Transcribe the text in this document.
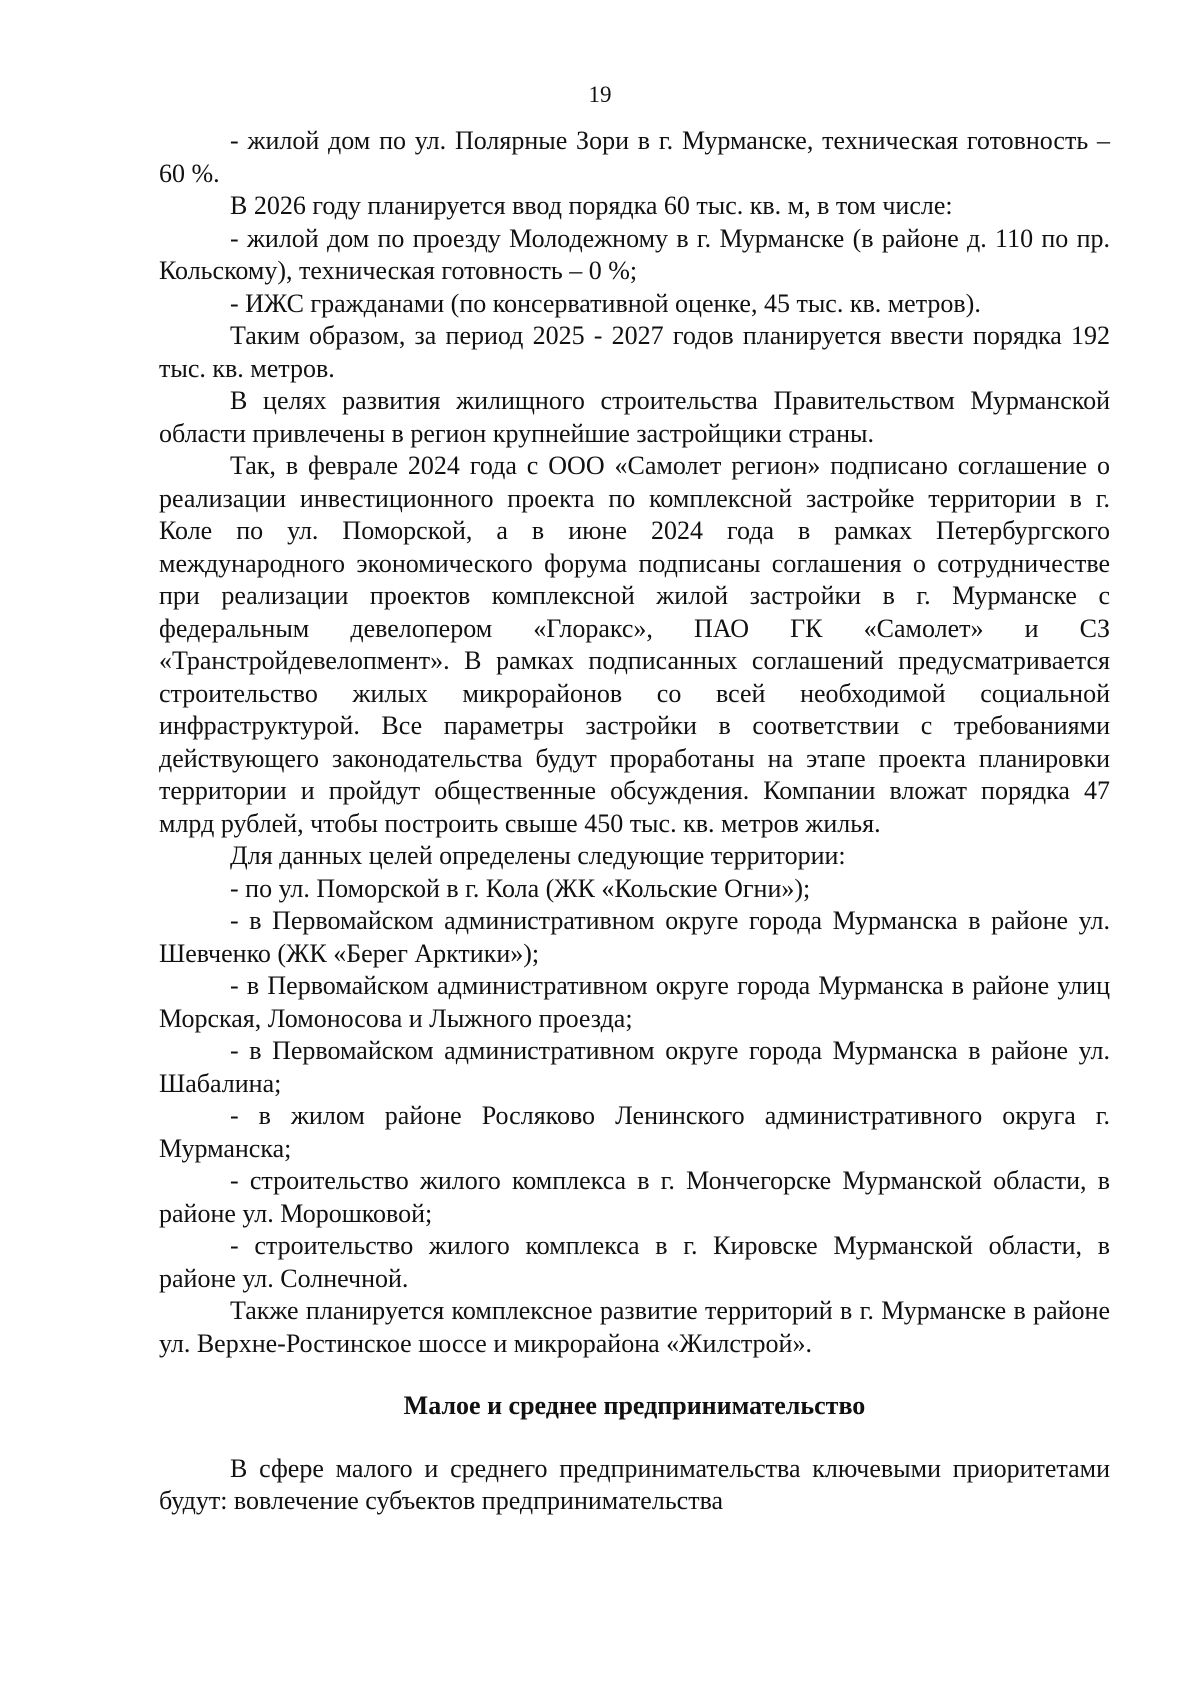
19

- жилой дом по ул. Полярные Зори в г. Мурманске, техническая готовность – 60 %.

В 2026 году планируется ввод порядка 60 тыс. кв. м, в том числе:

- жилой дом по проезду Молодежному в г. Мурманске (в районе д. 110 по пр. Кольскому), техническая готовность – 0 %;

- ИЖС гражданами (по консервативной оценке, 45 тыс. кв. метров).

Таким образом, за период 2025 - 2027 годов планируется ввести порядка 192 тыс. кв. метров.

В целях развития жилищного строительства Правительством Мурманской области привлечены в регион крупнейшие застройщики страны.

Так, в феврале 2024 года с ООО «Самолет регион» подписано соглашение о реализации инвестиционного проекта по комплексной застройке территории в г. Коле по ул. Поморской, а в июне 2024 года в рамках Петербургского международного экономического форума подписаны соглашения о сотрудничестве при реализации проектов комплексной жилой застройки в г. Мурманске с федеральным девелопером «Глоракс», ПАО ГК «Самолет» и СЗ «Транстройдевелопмент». В рамках подписанных соглашений предусматривается строительство жилых микрорайонов со всей необходимой социальной инфраструктурой. Все параметры застройки в соответствии с требованиями действующего законодательства будут проработаны на этапе проекта планировки территории и пройдут общественные обсуждения. Компании вложат порядка 47 млрд рублей, чтобы построить свыше 450 тыс. кв. метров жилья.

Для данных целей определены следующие территории:

- по ул. Поморской в г. Кола (ЖК «Кольские Огни»);

- в Первомайском административном округе города Мурманска в районе ул. Шевченко (ЖК «Берег Арктики»);

- в Первомайском административном округе города Мурманска в районе улиц Морская, Ломоносова и Лыжного проезда;

- в Первомайском административном округе города Мурманска в районе ул. Шабалина;

- в жилом районе Росляково Ленинского административного округа г. Мурманска;

- строительство жилого комплекса в г. Мончегорске Мурманской области, в районе ул. Морошковой;

- строительство жилого комплекса в г. Кировске Мурманской области, в районе ул. Солнечной.

Также планируется комплексное развитие территорий в г. Мурманске в районе ул. Верхне-Ростинское шоссе и микрорайона «Жилстрой».

Малое и среднее предпринимательство

В сфере малого и среднего предпринимательства ключевыми приоритетами будут: вовлечение субъектов предпринимательства
